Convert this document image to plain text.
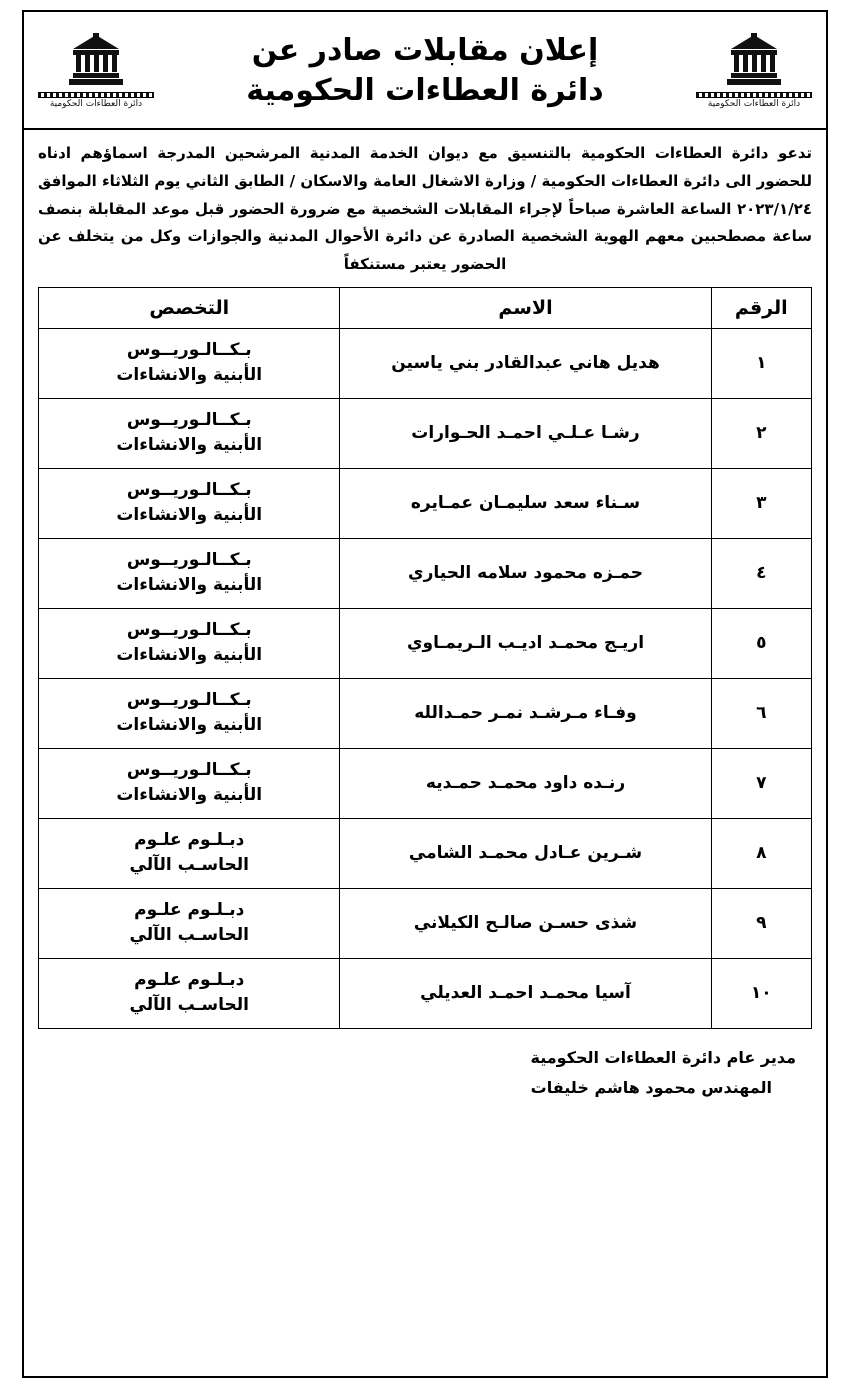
دائرة العطاءات الحكومية
إعلان مقابلات صادر عن
دائرة العطاءات الحكومية	دائرة العطاءات الحكومية

تدعو دائرة العطاءات الحكومية بالتنسيق مع ديوان الخدمة المدنية المرشحين المدرجة اسماؤهم ادناه للحضور الى دائرة العطاءات الحكومية / وزارة الاشغال العامة والاسكان / الطابق الثاني يوم الثلاثاء الموافق ٢٠٢٣/١/٢٤ الساعة العاشرة صباحاً لإجراء المقابلات الشخصية مع ضرورة الحضور قبل موعد المقابلة بنصف ساعة مصطحبين معهم الهوية الشخصية الصادرة عن دائرة الأحوال المدنية والجوازات وكل من يتخلف عن الحضور يعتبر مستنكفاً

الرقم	الاسم	التخصص
١	هديل هاني عبدالقادر بني ياسين	بـكــالـوريــوس
الأبنية والانشاءات

٢	رشـا عـلـي احمـد الحـوارات	بـكــالـوريــوس
الأبنية والانشاءات

٣	سـناء سعد سليمـان عمـايره	بـكــالـوريــوس
الأبنية والانشاءات

٤	حمـزه محمود سلامه الحياري	بـكــالـوريــوس
الأبنية والانشاءات

٥	اريـج محمـد اديـب الـريمـاوي	بـكــالـوريــوس
الأبنية والانشاءات

٦	وفـاء مـرشـد نمـر حمـدالله	بـكــالـوريــوس
الأبنية والانشاءات

٧	رنـده داود محمـد حمـديه	بـكــالـوريــوس
الأبنية والانشاءات

٨	شـرين عـادل محمـد الشامي	دبـلـوم علـوم
الحاسـب الآلي

٩	شذى حسـن صالـح الكيلاني	دبـلـوم علـوم
الحاسـب الآلي

١٠	آسيا محمـد احمـد العديلي	دبـلـوم علـوم
الحاسـب الآلي
مدير عام دائرة العطاءات الحكومية
المهندس محمود هاشم خليفات
